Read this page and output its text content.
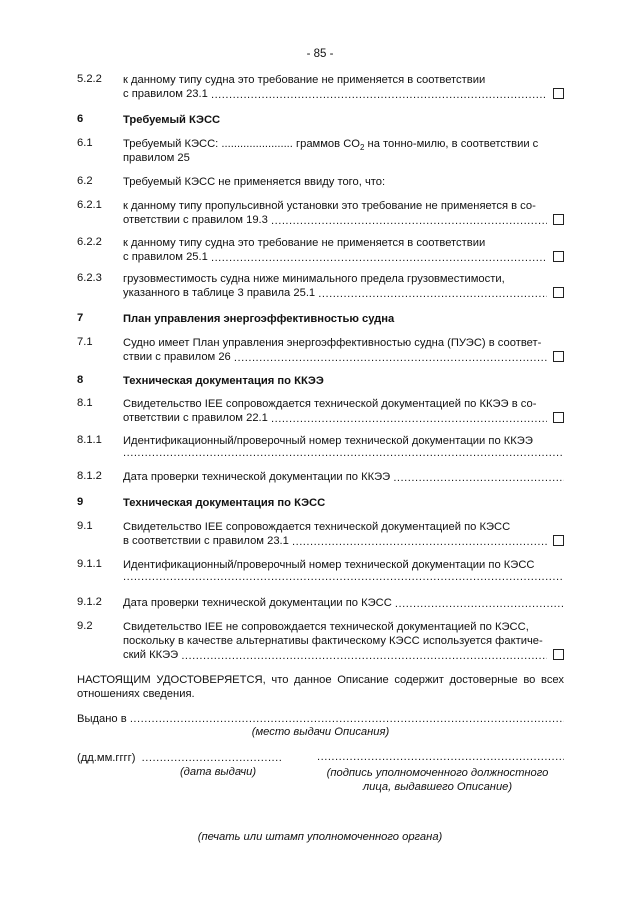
- 85 -
5.2.2 к данному типу судна это требование не применяется в соответствии
с правилом 23.1

.....
6	Требуемый КЭСС
6.1	Требуемый КЭСС: ....................... граммов $CO_2$ на тонно-милю, в соответствии с
правилом 25
6.2	Требуемый КЭСС не применяется ввиду того, что:
6.2.1 к данному типу пропульсивной установки это требование не применяется в со-
ответствии с правилом 19.3

.....
6.2.2 к данному типу судна это требование не применяется в соответствии
с правилом 25.1

.....
6.2.3 грузовместимость судна ниже минимального предела грузовместимости,
указанного в таблице 3 правила 25.1

.....
7	План управления энергоэффективностью судна
7.1	Судно имеет План управления энергоэффективностью судна (ПУЭС) в соответ-
ствии с правилом 26

.....
8	Техническая документация по ККЭЭ
8.1	Свидетельство IEE сопровождается технической документацией по ККЭЭ в со-
ответствии с правилом 22.1

.....
8.1.1 Идентификационный/проверочный номер технической документации по ККЭЭ
.....
8.1.2 Дата проверки технической документации по ККЭЭ

.....
9	Техническая документация по КЭСС
9.1	Свидетельство IEE сопровождается технической документацией по КЭСС
в соответствии с правилом 23.1

.....
9.1.1 Идентификационный/проверочный номер технической документации по КЭСС
.....
9.1.2 Дата проверки технической документации по КЭСС

.....
9.2	Свидетельство IEE не сопровождается технической документацией по КЭСС,
поскольку в качестве альтернативы фактическому КЭСС используется фактиче-
ский ККЭЭ

.....
НАСТОЯЩИМ УДОСТОВЕРЯЕТСЯ, что данное Описание содержит достоверные во всех отношениях сведения.
Выдано в

.....
(место выдачи Описания)
(дд.мм.гггг)

.....
(дата выдачи)
.....	(подпись уполномоченного должностного
лица, выдавшего Описание)
(печать или штамп уполномоченного органа)
